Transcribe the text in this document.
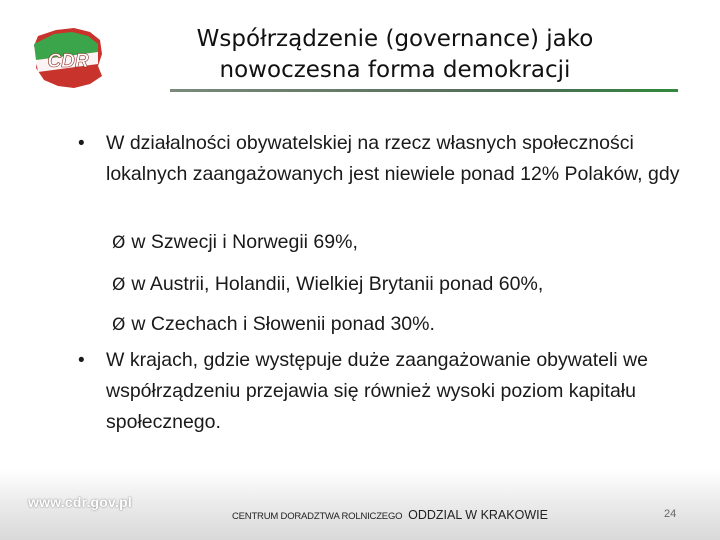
CDR
Współrządzenie (governance) jako
nowoczesna forma demokracji
• W działalności obywatelskiej na rzecz własnych społeczności lokalnych zaangażowanych jest niewiele ponad 12% Polaków, gdy
Ø w Szwecji i Norwegii 69%,
Ø w Austrii, Holandii, Wielkiej Brytanii ponad 60%,
Ø w Czechach i Słowenii ponad 30%.
• W krajach, gdzie występuje duże zaangażowanie obywateli we współrządzeniu przejawia się również wysoki poziom kapitału społecznego.
www.cdr.gov.pl
CENTRUM DORADZTWA ROLNICZEGO ODDZIAL W KRAKOWIE	24
